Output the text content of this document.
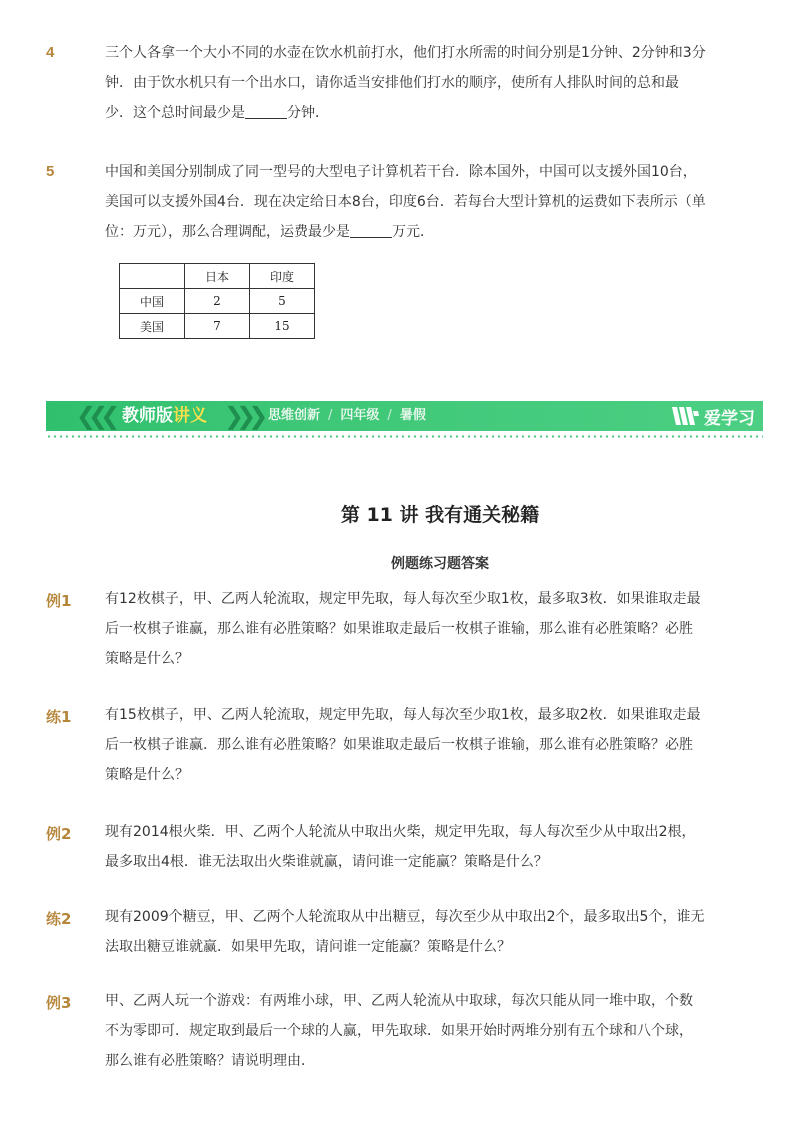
4	三个人各拿一个大小不同的水壶在饮水机前打水，他们打水所需的时间分别是1分钟、2分钟和3分
钟．由于饮水机只有一个出水口，请你适当安排他们打水的顺序，使所有人排队时间的总和最
少．这个总时间最少是	分钟．
5	中国和美国分别制成了同一型号的大型电子计算机若干台．除本国外，中国可以支援外国10台，
美国可以支援外国4台．现在决定给日本8台，印度6台．若每台大型计算机的运费如下表所示（单
位：万元），那么合理调配，运费最少是	万元．
	日本	印度
中国	2	5
美国	7	15
❮❮❮ 教师版讲义 ❯❯❯ 思维创新 / 四年级 / 暑假	爱学习
第 11 讲 我有通关秘籍
例题练习题答案
例1 有12枚棋子，甲、乙两人轮流取，规定甲先取，每人每次至少取1枚，最多取3枚．如果谁取走最
后一枚棋子谁赢，那么谁有必胜策略？如果谁取走最后一枚棋子谁输，那么谁有必胜策略？必胜
策略是什么？
练1 有15枚棋子，甲、乙两人轮流取，规定甲先取，每人每次至少取1枚，最多取2枚．如果谁取走最
后一枚棋子谁赢．那么谁有必胜策略？如果谁取走最后一枚棋子谁输，那么谁有必胜策略？必胜
策略是什么？
例2 现有2014根火柴．甲、乙两个人轮流从中取出火柴，规定甲先取，每人每次至少从中取出2根，
最多取出4根．谁无法取出火柴谁就赢，请问谁一定能赢？策略是什么？
练2 现有2009个糖豆，甲、乙两个人轮流取从中出糖豆，每次至少从中取出2个，最多取出5个，谁无
法取出糖豆谁就赢．如果甲先取，请问谁一定能赢？策略是什么？
例3 甲、乙两人玩一个游戏：有两堆小球，甲、乙两人轮流从中取球，每次只能从同一堆中取，个数
不为零即可．规定取到最后一个球的人赢，甲先取球．如果开始时两堆分别有五个球和八个球，
那么谁有必胜策略？请说明理由．
